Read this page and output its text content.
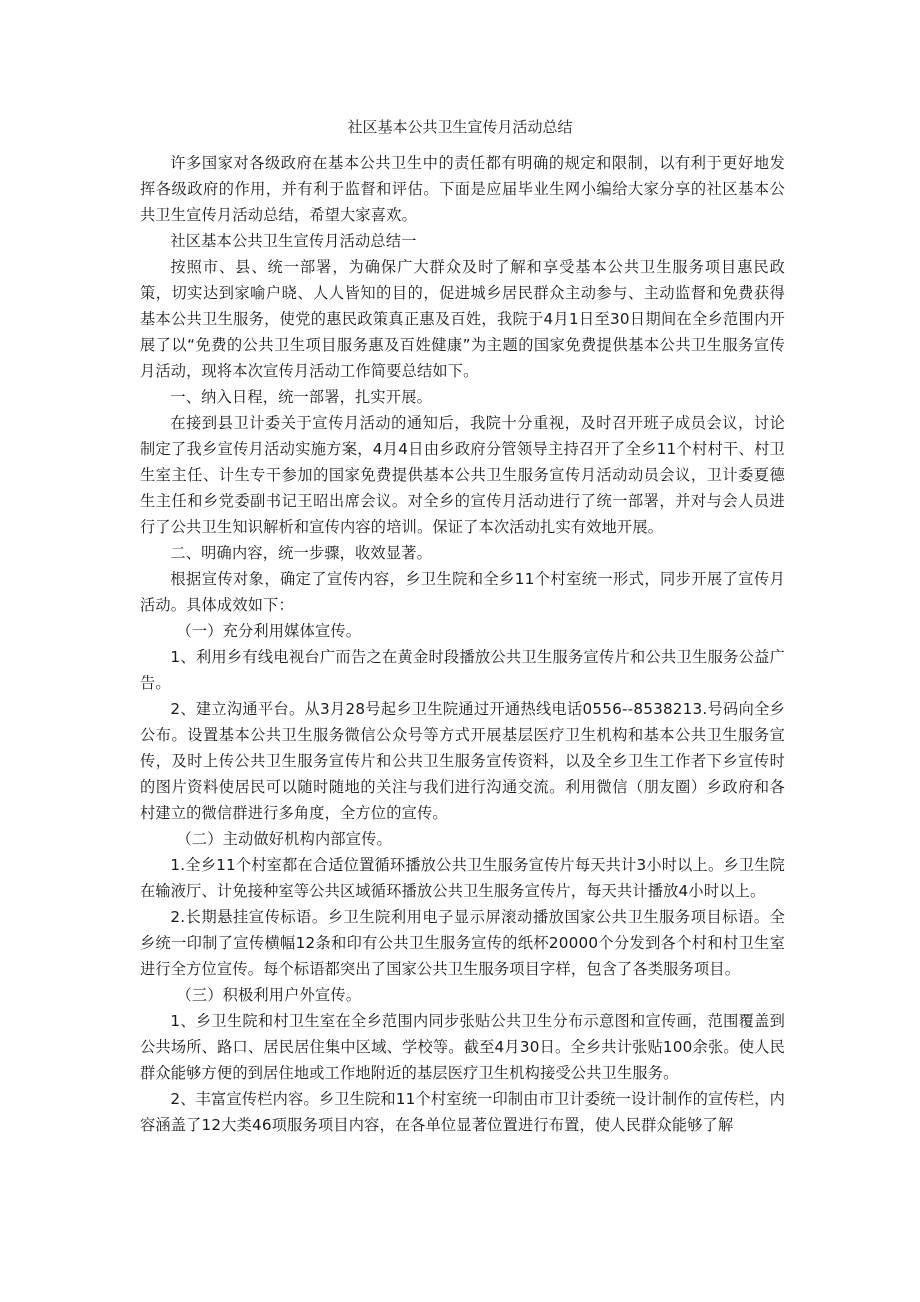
社区基本公共卫生宣传月活动总结

许多国家对各级政府在基本公共卫生中的责任都有明确的规定和限制，以有利于更好地发挥各级政府的作用，并有利于监督和评估。下面是应届毕业生网小编给大家分享的社区基本公共卫生宣传月活动总结，希望大家喜欢。

社区基本公共卫生宣传月活动总结一

按照市、县、统一部署，为确保广大群众及时了解和享受基本公共卫生服务项目惠民政策，切实达到家喻户晓、人人皆知的目的，促进城乡居民群众主动参与、主动监督和免费获得基本公共卫生服务，使党的惠民政策真正惠及百姓，我院于4月1日至30日期间在全乡范围内开展了以“免费的公共卫生项目服务惠及百姓健康”为主题的国家免费提供基本公共卫生服务宣传月活动，现将本次宣传月活动工作简要总结如下。

一、纳入日程，统一部署，扎实开展。

在接到县卫计委关于宣传月活动的通知后，我院十分重视，及时召开班子成员会议，讨论制定了我乡宣传月活动实施方案，4月4日由乡政府分管领导主持召开了全乡11个村村干、村卫生室主任、计生专干参加的国家免费提供基本公共卫生服务宣传月活动动员会议，卫计委夏德生主任和乡党委副书记王昭出席会议。对全乡的宣传月活动进行了统一部署，并对与会人员进行了公共卫生知识解析和宣传内容的培训。保证了本次活动扎实有效地开展。

二、明确内容，统一步骤，收效显著。

根据宣传对象，确定了宣传内容，乡卫生院和全乡11个村室统一形式，同步开展了宣传月活动。具体成效如下：

（一）充分利用媒体宣传。

1、利用乡有线电视台广而告之在黄金时段播放公共卫生服务宣传片和公共卫生服务公益广告。

2、建立沟通平台。从3月28号起乡卫生院通过开通热线电话0556--8538213.号码向全乡公布。设置基本公共卫生服务微信公众号等方式开展基层医疗卫生机构和基本公共卫生服务宣传，及时上传公共卫生服务宣传片和公共卫生服务宣传资料，以及全乡卫生工作者下乡宣传时的图片资料使居民可以随时随地的关注与我们进行沟通交流。利用微信（朋友圈）乡政府和各村建立的微信群进行多角度，全方位的宣传。

（二）主动做好机构内部宣传。

1.全乡11个村室都在合适位置循环播放公共卫生服务宣传片每天共计3小时以上。乡卫生院在输液厅、计免接种室等公共区域循环播放公共卫生服务宣传片，每天共计播放4小时以上。

2.长期悬挂宣传标语。乡卫生院利用电子显示屏滚动播放国家公共卫生服务项目标语。全乡统一印制了宣传横幅12条和印有公共卫生服务宣传的纸杯20000个分发到各个村和村卫生室进行全方位宣传。每个标语都突出了国家公共卫生服务项目字样，包含了各类服务项目。

（三）积极利用户外宣传。

1、乡卫生院和村卫生室在全乡范围内同步张贴公共卫生分布示意图和宣传画，范围覆盖到公共场所、路口、居民居住集中区域、学校等。截至4月30日。全乡共计张贴100余张。使人民群众能够方便的到居住地或工作地附近的基层医疗卫生机构接受公共卫生服务。

2、丰富宣传栏内容。乡卫生院和11个村室统一印制由市卫计委统一设计制作的宣传栏，内容涵盖了12大类46项服务项目内容，在各单位显著位置进行布置，使人民群众能够了解
